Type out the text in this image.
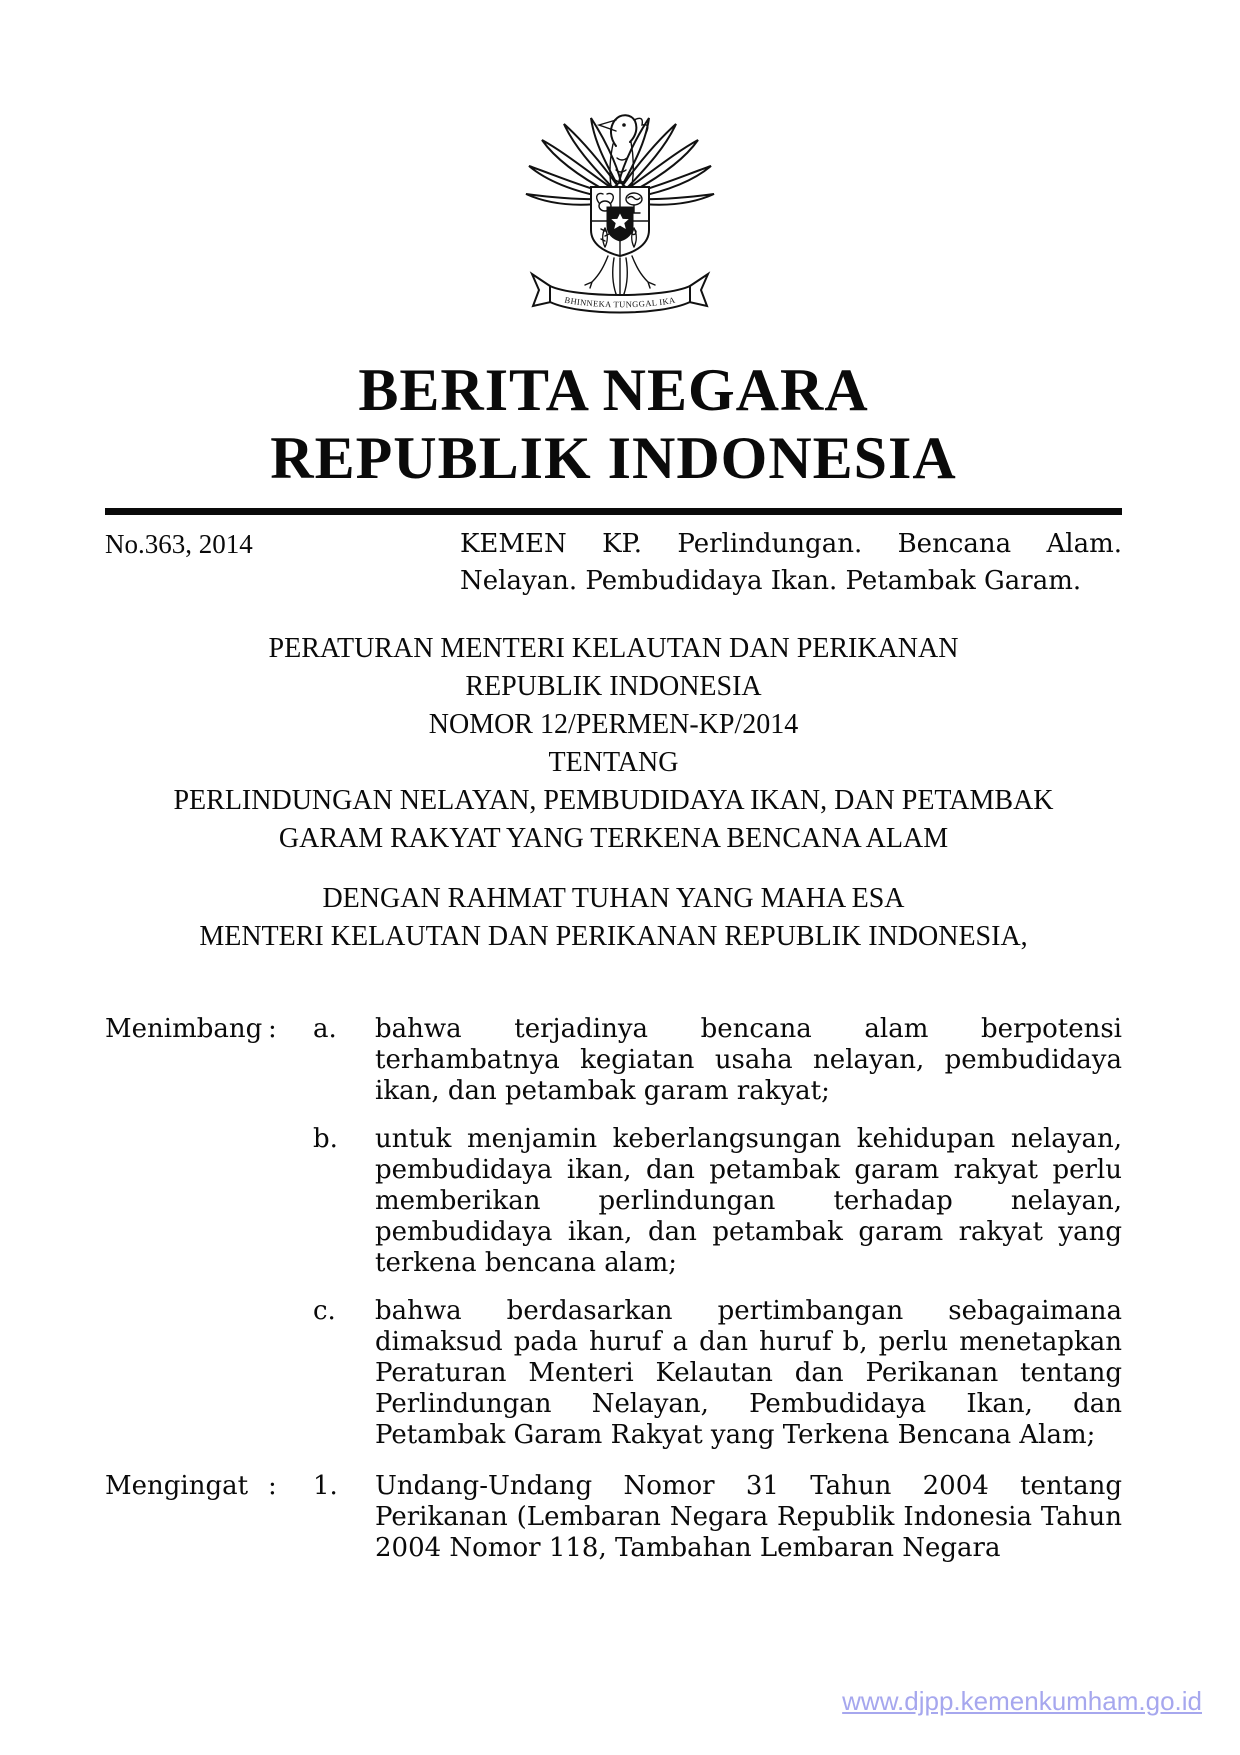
BHINNEKA TUNGGAL IKA
BERITA NEGARA
REPUBLIK INDONESIA
No.363, 2014	KEMEN KP. Perlindungan. Bencana Alam. Nelayan. Pembudidaya Ikan. Petambak Garam.
PERATURAN MENTERI KELAUTAN DAN PERIKANAN
REPUBLIK INDONESIA
NOMOR 12/PERMEN-KP/2014
TENTANG
PERLINDUNGAN NELAYAN, PEMBUDIDAYA IKAN, DAN PETAMBAK
GARAM RAKYAT YANG TERKENA BENCANA ALAM
DENGAN RAHMAT TUHAN YANG MAHA ESA
MENTERI KELAUTAN DAN PERIKANAN REPUBLIK INDONESIA,
Menimbang :	a.	bahwa terjadinya bencana alam berpotensi terhambatnya kegiatan usaha nelayan, pembudidaya ikan, dan petambak garam rakyat;
b.	untuk menjamin keberlangsungan kehidupan nelayan, pembudidaya ikan, dan petambak garam rakyat perlu memberikan perlindungan terhadap nelayan, pembudidaya ikan, dan petambak garam rakyat yang terkena bencana alam;
c.	bahwa berdasarkan pertimbangan sebagaimana dimaksud pada huruf a dan huruf b, perlu menetapkan Peraturan Menteri Kelautan dan Perikanan tentang Perlindungan Nelayan, Pembudidaya Ikan, dan Petambak Garam Rakyat yang Terkena Bencana Alam;
Mengingat :	1.	Undang-Undang Nomor 31 Tahun 2004 tentang Perikanan (Lembaran Negara Republik Indonesia Tahun 2004 Nomor 118, Tambahan Lembaran Negara
www.djpp.kemenkumham.go.id
